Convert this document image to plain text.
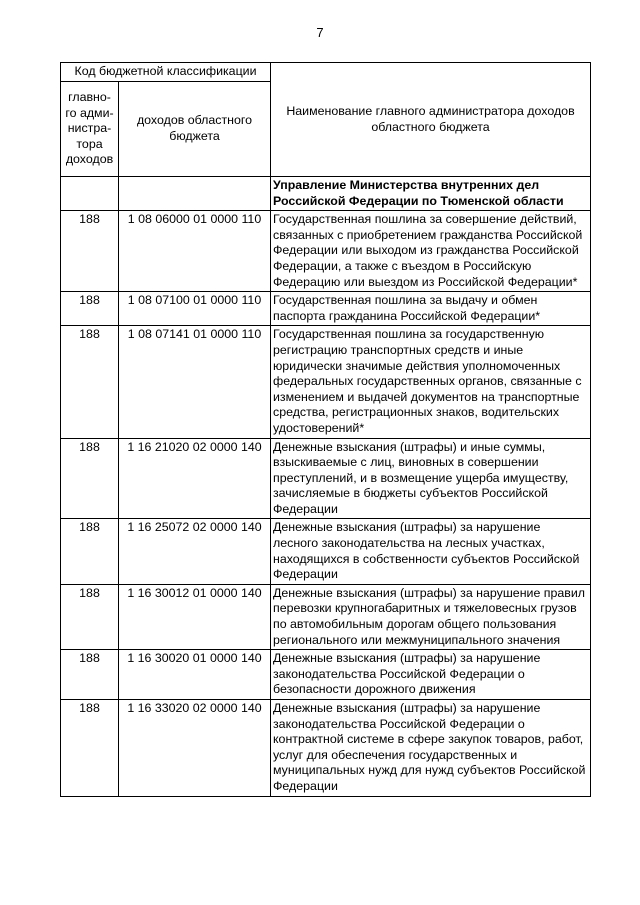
7
Код бюджетной классификации		Наименование главного администратора доходов областного бюджета
главно-го адми-нистра-тора доходов	доходов областного бюджета	
		Управление Министерства внутренних дел Российской Федерации по Тюменской области
188	1 08 06000 01 0000 110	Государственная пошлина за совершение действий, связанных с приобретением гражданства Российской Федерации или выходом из гражданства Российской Федерации, а также с въездом в Российскую Федерацию или выездом из Российской Федерации*
188	1 08 07100 01 0000 110	Государственная пошлина за выдачу и обмен паспорта гражданина Российской Федерации*
188	1 08 07141 01 0000 110	Государственная пошлина за государственную регистрацию транспортных средств и иные юридически значимые действия уполномоченных федеральных государственных органов, связанные с изменением и выдачей документов на транспортные средства, регистрационных знаков, водительских удостоверений*
188	1 16 21020 02 0000 140	Денежные взыскания (штрафы) и иные суммы, взыскиваемые с лиц, виновных в совершении преступлений, и в возмещение ущерба имуществу, зачисляемые в бюджеты субъектов Российской Федерации
188	1 16 25072 02 0000 140	Денежные взыскания (штрафы) за нарушение лесного законодательства на лесных участках, находящихся в собственности субъектов Российской Федерации
188	1 16 30012 01 0000 140	Денежные взыскания (штрафы) за нарушение правил перевозки крупногабаритных и тяжеловесных грузов по автомобильным дорогам общего пользования регионального или межмуниципального значения
188	1 16 30020 01 0000 140	Денежные взыскания (штрафы) за нарушение законодательства Российской Федерации о безопасности дорожного движения
188	1 16 33020 02 0000 140	Денежные взыскания (штрафы) за нарушение законодательства Российской Федерации о контрактной системе в сфере закупок товаров, работ, услуг для обеспечения государственных и муниципальных нужд для нужд субъектов Российской Федерации
